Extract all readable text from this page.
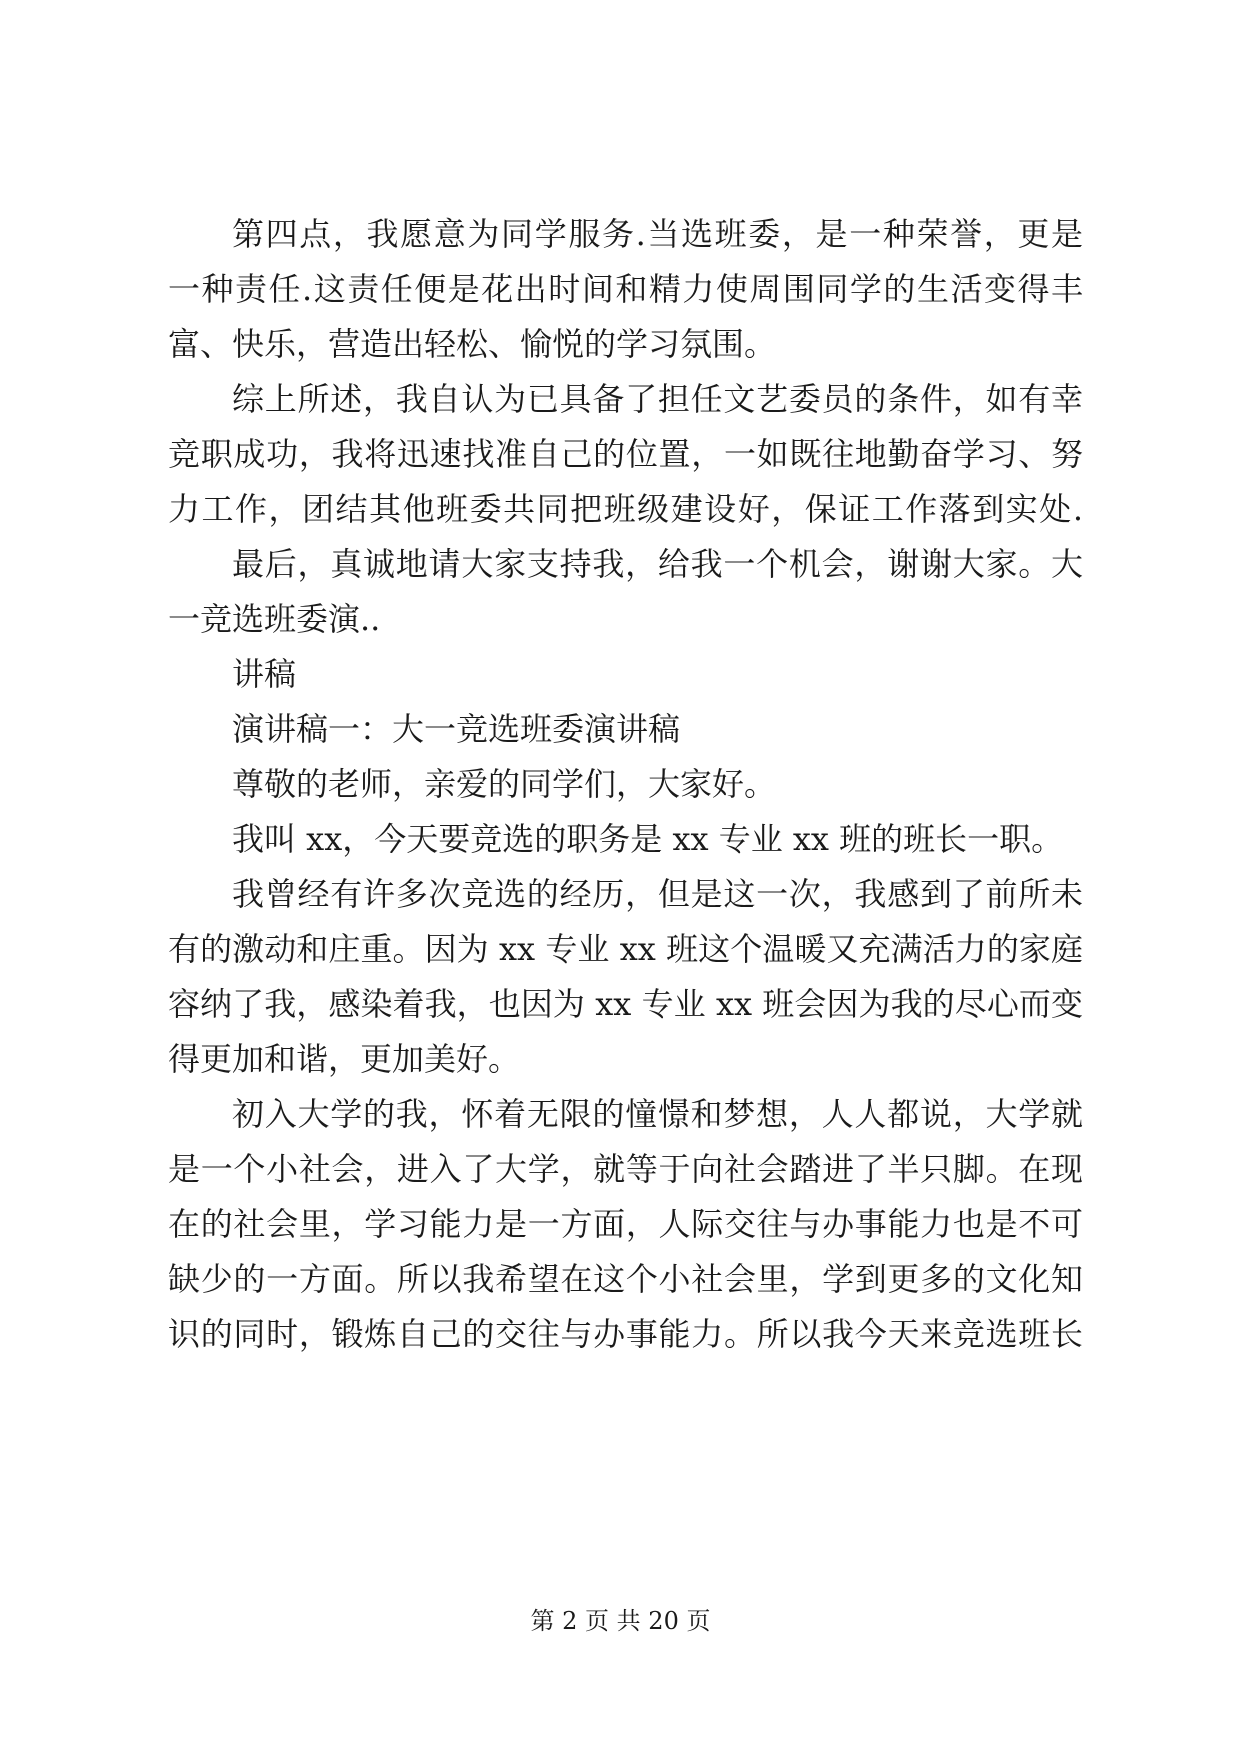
第四点，我愿意为同学服务.当选班委，是一种荣誉，更是
一种责任.这责任便是花出时间和精力使周围同学的生活变得丰
富、快乐，营造出轻松、愉悦的学习氛围。
综上所述，我自认为已具备了担任文艺委员的条件，如有幸
竞职成功，我将迅速找准自己的位置，一如既往地勤奋学习、努
力工作，团结其他班委共同把班级建设好，保证工作落到实处.
最后，真诚地请大家支持我，给我一个机会，谢谢大家。大
一竞选班委演..
讲稿
演讲稿一：大一竞选班委演讲稿
尊敬的老师，亲爱的同学们，大家好。
我叫 xx，今天要竞选的职务是 xx 专业 xx 班的班长一职。
我曾经有许多次竞选的经历，但是这一次，我感到了前所未
有的激动和庄重。因为 xx 专业 xx 班这个温暖又充满活力的家庭
容纳了我，感染着我，也因为 xx 专业 xx 班会因为我的尽心而变
得更加和谐，更加美好。
初入大学的我，怀着无限的憧憬和梦想，人人都说，大学就
是一个小社会，进入了大学，就等于向社会踏进了半只脚。在现
在的社会里，学习能力是一方面，人际交往与办事能力也是不可
缺少的一方面。所以我希望在这个小社会里，学到更多的文化知
识的同时，锻炼自己的交往与办事能力。所以我今天来竞选班长
第 2 页 共 20 页
